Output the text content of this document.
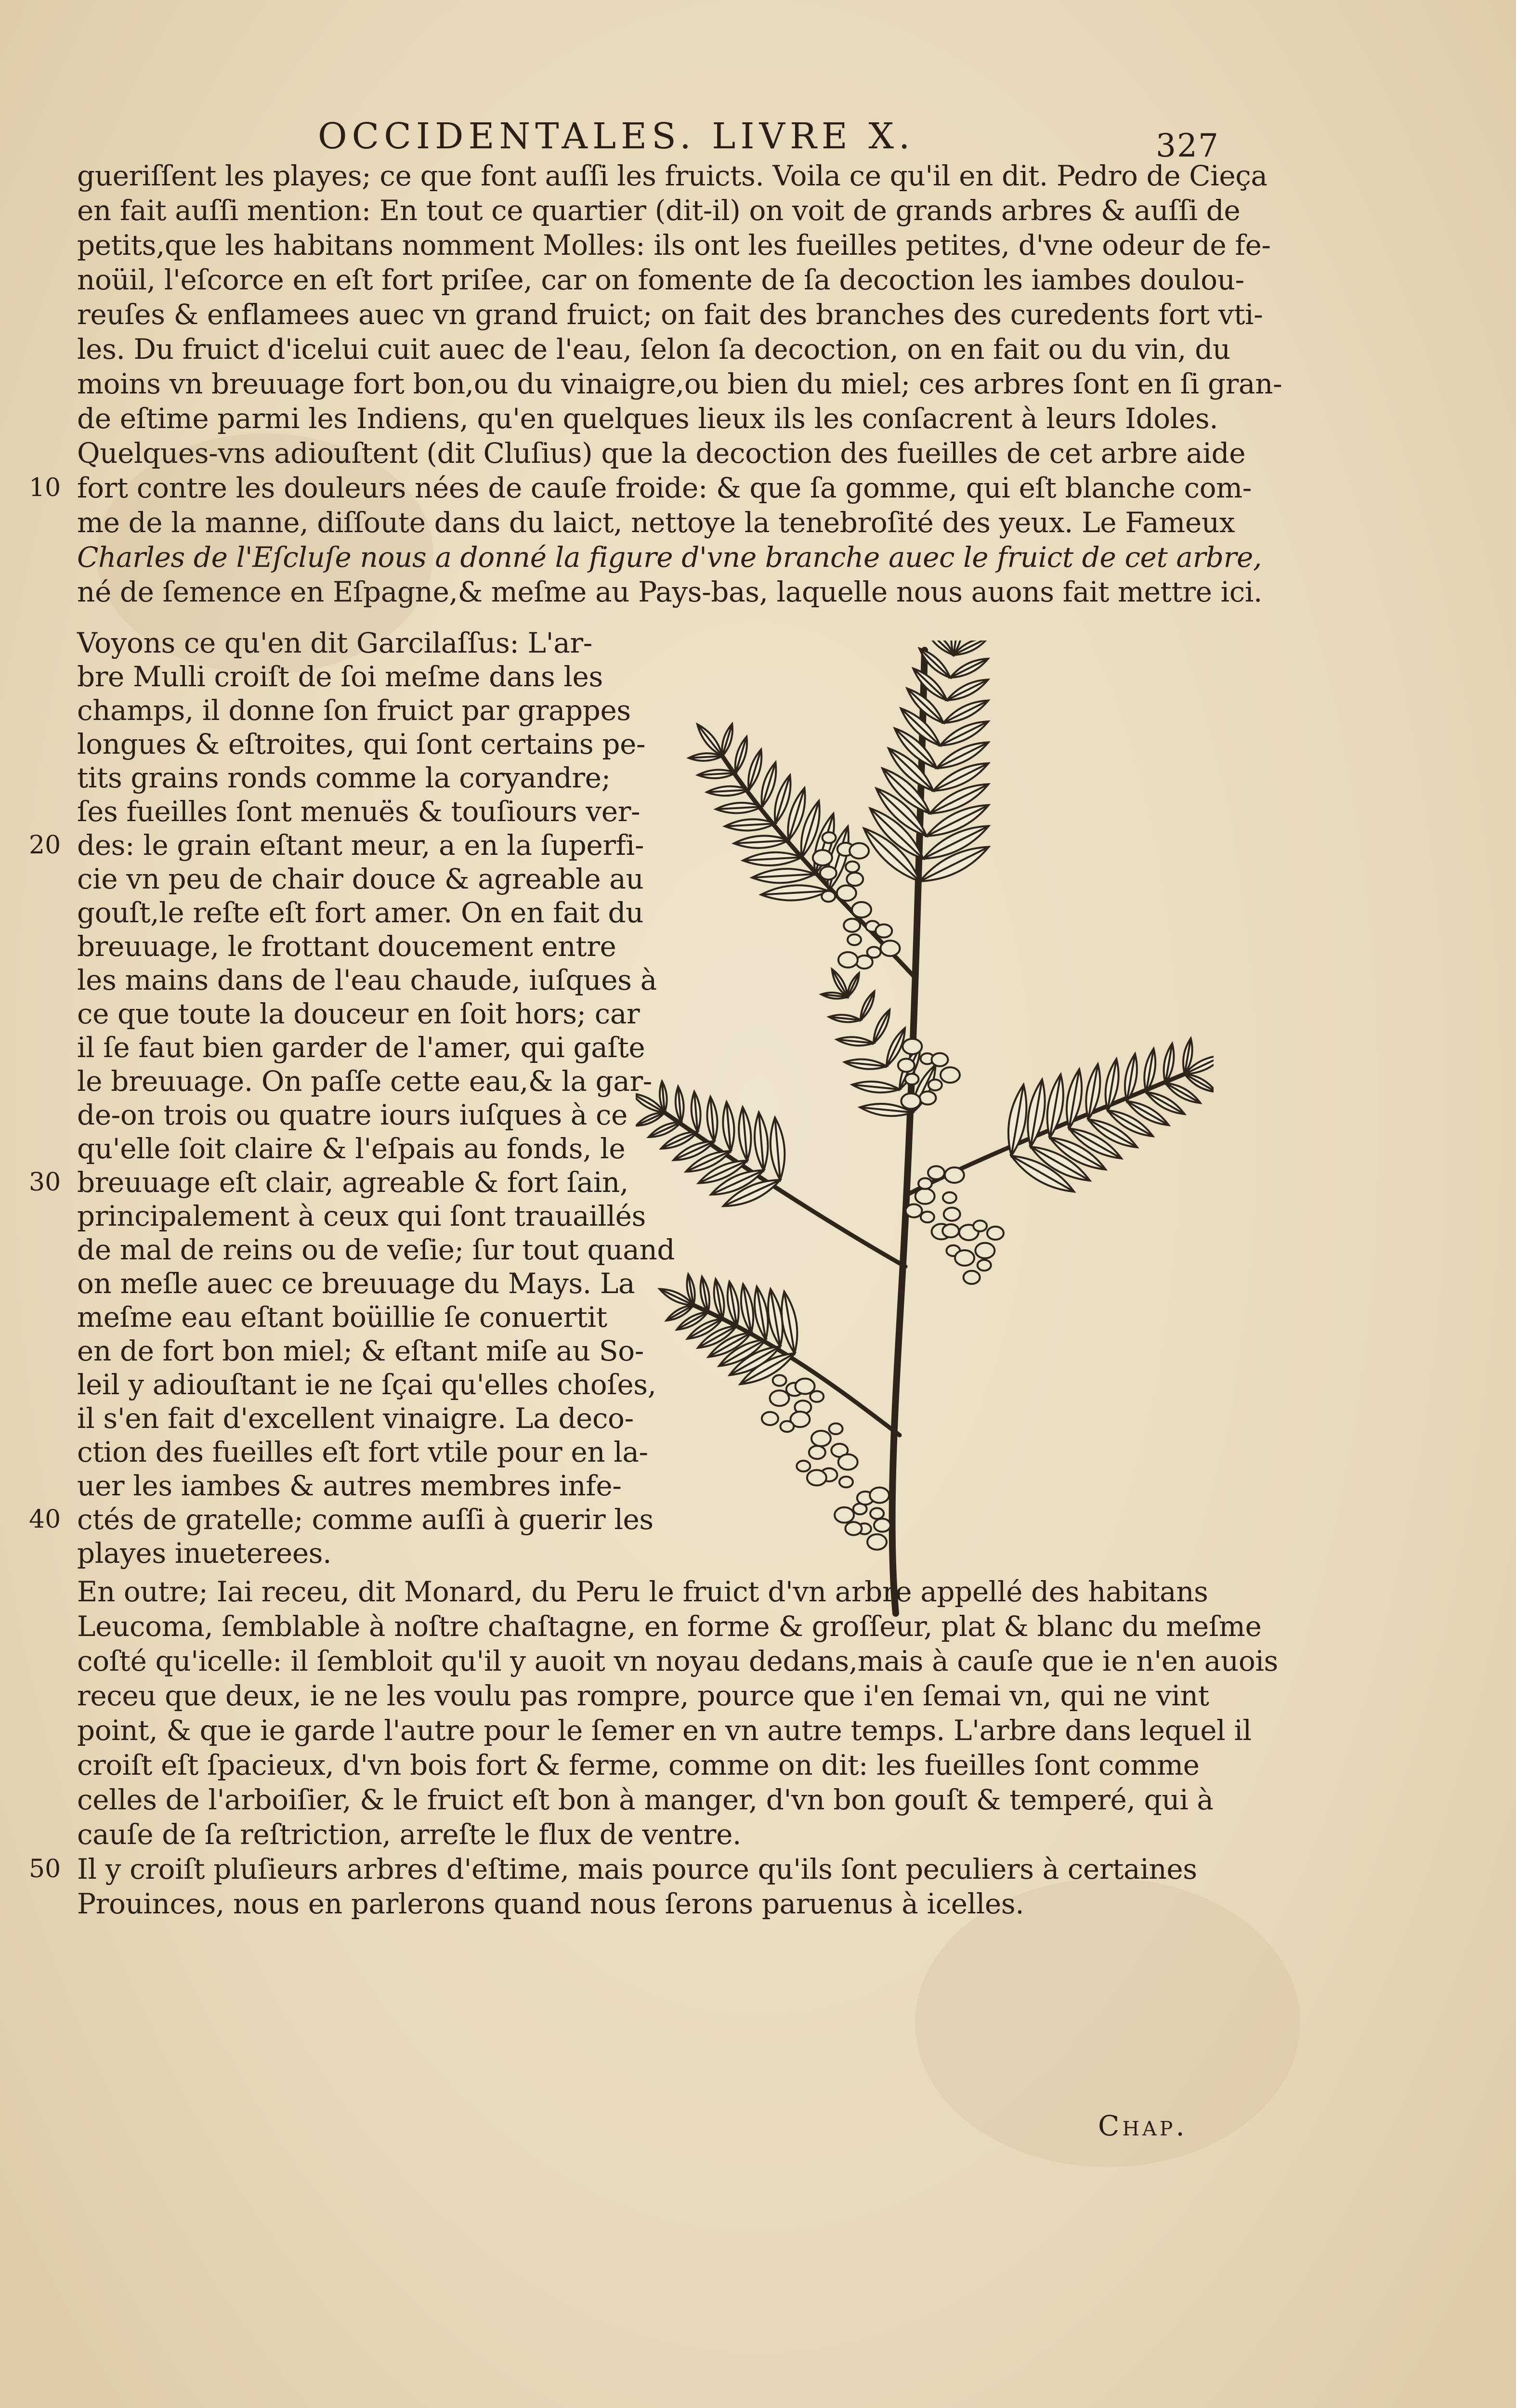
OCCIDENTALES. LIVRE X.	327
gueriſſent les playes; ce que font auſſi les fruicts. Voila ce qu'il en dit. Pedro de Cieça
en fait auſſi mention: En tout ce quartier (dit-il) on voit de grands arbres & auſſi de
petits,que les habitans nomment Molles: ils ont les fueilles petites, d'vne odeur de fe-
noüil, l'eſcorce en eſt fort priſee, car on fomente de ſa decoction les iambes doulou-
reuſes & enflamees auec vn grand fruict; on fait des branches des curedents fort vti-
les. Du fruict d'icelui cuit auec de l'eau, ſelon ſa decoction, on en fait ou du vin, du
moins vn breuuage fort bon,ou du vinaigre,ou bien du miel; ces arbres ſont en ſi gran-
de eſtime parmi les Indiens, qu'en quelques lieux ils les conſacrent à leurs Idoles.
Quelques-vns adiouſtent (dit Cluſius) que la decoction des fueilles de cet arbre aide
fort contre les douleurs nées de cauſe froide: & que ſa gomme, qui eſt blanche com-
me de la manne, diſſoute dans du laict, nettoye la tenebroſité des yeux. Le Fameux
Charles de l'Eſcluſe nous a donné la figure d'vne branche auec le fruict de cet arbre,
né de ſemence en Eſpagne,& meſme au Pays-bas, laquelle nous auons fait mettre ici.
Voyons ce qu'en dit Garcilaſſus: L'ar-
bre Mulli croiſt de ſoi meſme dans les
champs, il donne ſon fruict par grappes
longues & eſtroites, qui ſont certains pe-
tits grains ronds comme la coryandre;
ſes fueilles ſont menuës & touſiours ver-
des: le grain eſtant meur, a en la ſuperfi-
cie vn peu de chair douce & agreable au
gouſt,le reſte eſt fort amer. On en fait du
breuuage, le frottant doucement entre
les mains dans de l'eau chaude, iuſques à
ce que toute la douceur en ſoit hors; car
il ſe faut bien garder de l'amer, qui gaſte
le breuuage. On paſſe cette eau,& la gar-
de-on trois ou quatre iours iuſques à ce
qu'elle ſoit claire & l'eſpais au fonds, le
breuuage eſt clair, agreable & fort ſain,
principalement à ceux qui ſont trauaillés
de mal de reins ou de veſie; ſur tout quand
on meſle auec ce breuuage du Mays. La
meſme eau eſtant boüillie ſe conuertit
en de fort bon miel; & eſtant miſe au So-
leil y adiouſtant ie ne ſçai qu'elles choſes,
il s'en fait d'excellent vinaigre. La deco-
ction des fueilles eſt fort vtile pour en la-
uer les iambes & autres membres infe-
ctés de gratelle; comme auſſi à guerir les
playes inueterees.
En outre; Iai receu, dit Monard, du Peru le fruict d'vn arbre appellé des habitans
Leucoma, ſemblable à noſtre chaſtagne, en forme & groſſeur, plat & blanc du meſme
coſté qu'icelle: il ſembloit qu'il y auoit vn noyau dedans,mais à cauſe que ie n'en auois
receu que deux, ie ne les voulu pas rompre, pource que i'en ſemai vn, qui ne vint
point, & que ie garde l'autre pour le ſemer en vn autre temps. L'arbre dans lequel il
croiſt eſt ſpacieux, d'vn bois fort & ferme, comme on dit: les fueilles ſont comme
celles de l'arboiſier, & le fruict eſt bon à manger, d'vn bon gouſt & temperé, qui à
cauſe de ſa reſtriction, arreſte le flux de ventre.
Il y croiſt pluſieurs arbres d'eſtime, mais pource qu'ils ſont peculiers à certaines
Prouinces, nous en parlerons quand nous ſerons paruenus à icelles.
10
20
30
40
50
Chap.
